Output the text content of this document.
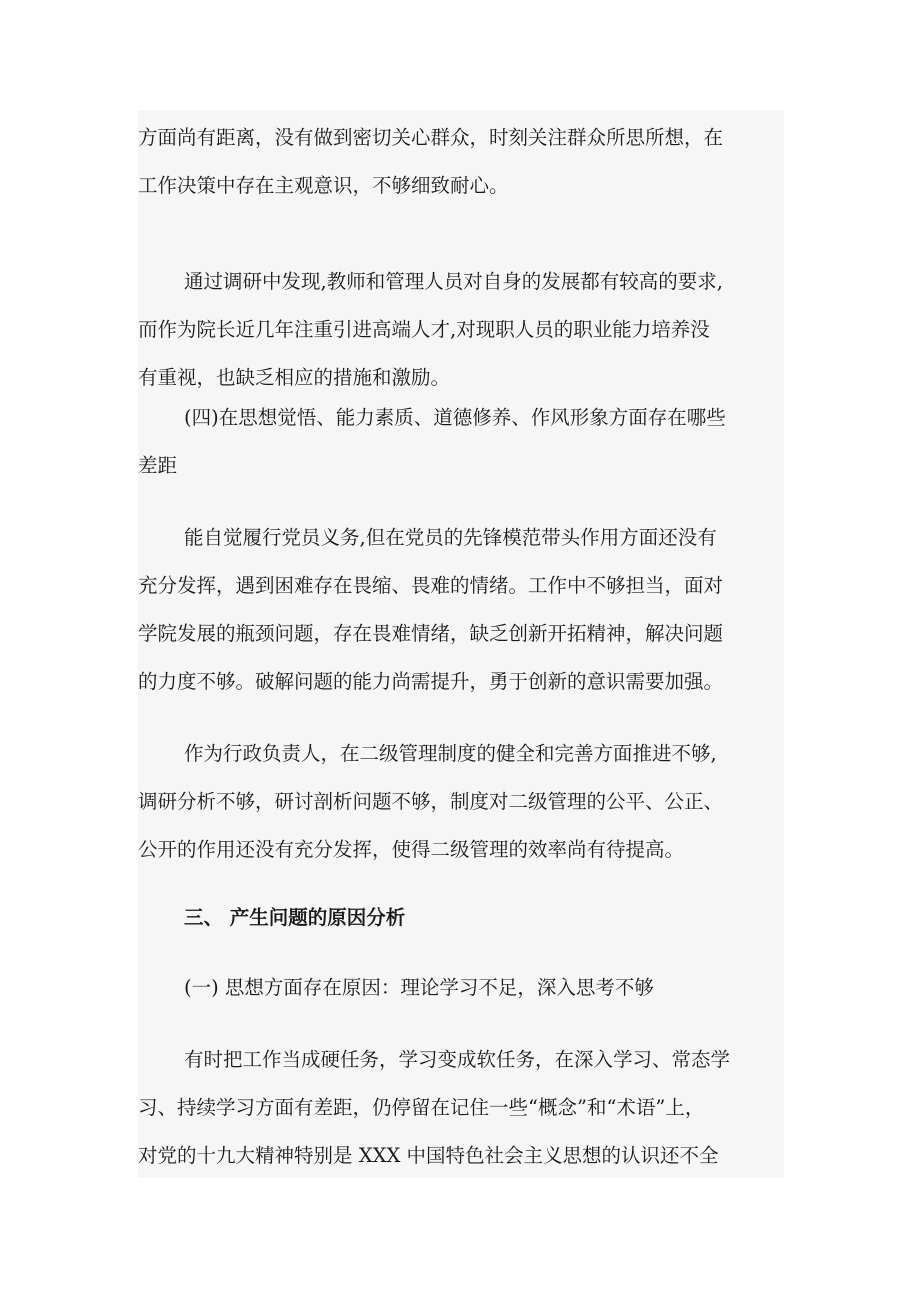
方面尚有距离，没有做到密切关心群众，时刻关注群众所思所想，在
工作决策中存在主观意识，不够细致耐心。
通过调研中发现,教师和管理人员对自身的发展都有较高的要求,
而作为院长近几年注重引进高端人才,对现职人员的职业能力培养没
有重视，也缺乏相应的措施和激励。
(四)在思想觉悟、能力素质、道德修养、作风形象方面存在哪些
差距
能自觉履行党员义务,但在党员的先锋模范带头作用方面还没有
充分发挥，遇到困难存在畏缩、畏难的情绪。工作中不够担当，面对
学院发展的瓶颈问题，存在畏难情绪，缺乏创新开拓精神，解决问题
的力度不够。破解问题的能力尚需提升，勇于创新的意识需要加强。
作为行政负责人，在二级管理制度的健全和完善方面推进不够,
调研分析不够，研讨剖析问题不够，制度对二级管理的公平、公正、
公开的作用还没有充分发挥，使得二级管理的效率尚有待提高。
三、 产生问题的原因分析
(一) 思想方面存在原因：理论学习不足，深入思考不够
有时把工作当成硬任务，学习变成软任务，在深入学习、常态学
习、持续学习方面有差距，仍停留在记住一些“概念”和“术语”上，
对党的十九大精神特别是 XXX 中国特色社会主义思想的认识还不全
